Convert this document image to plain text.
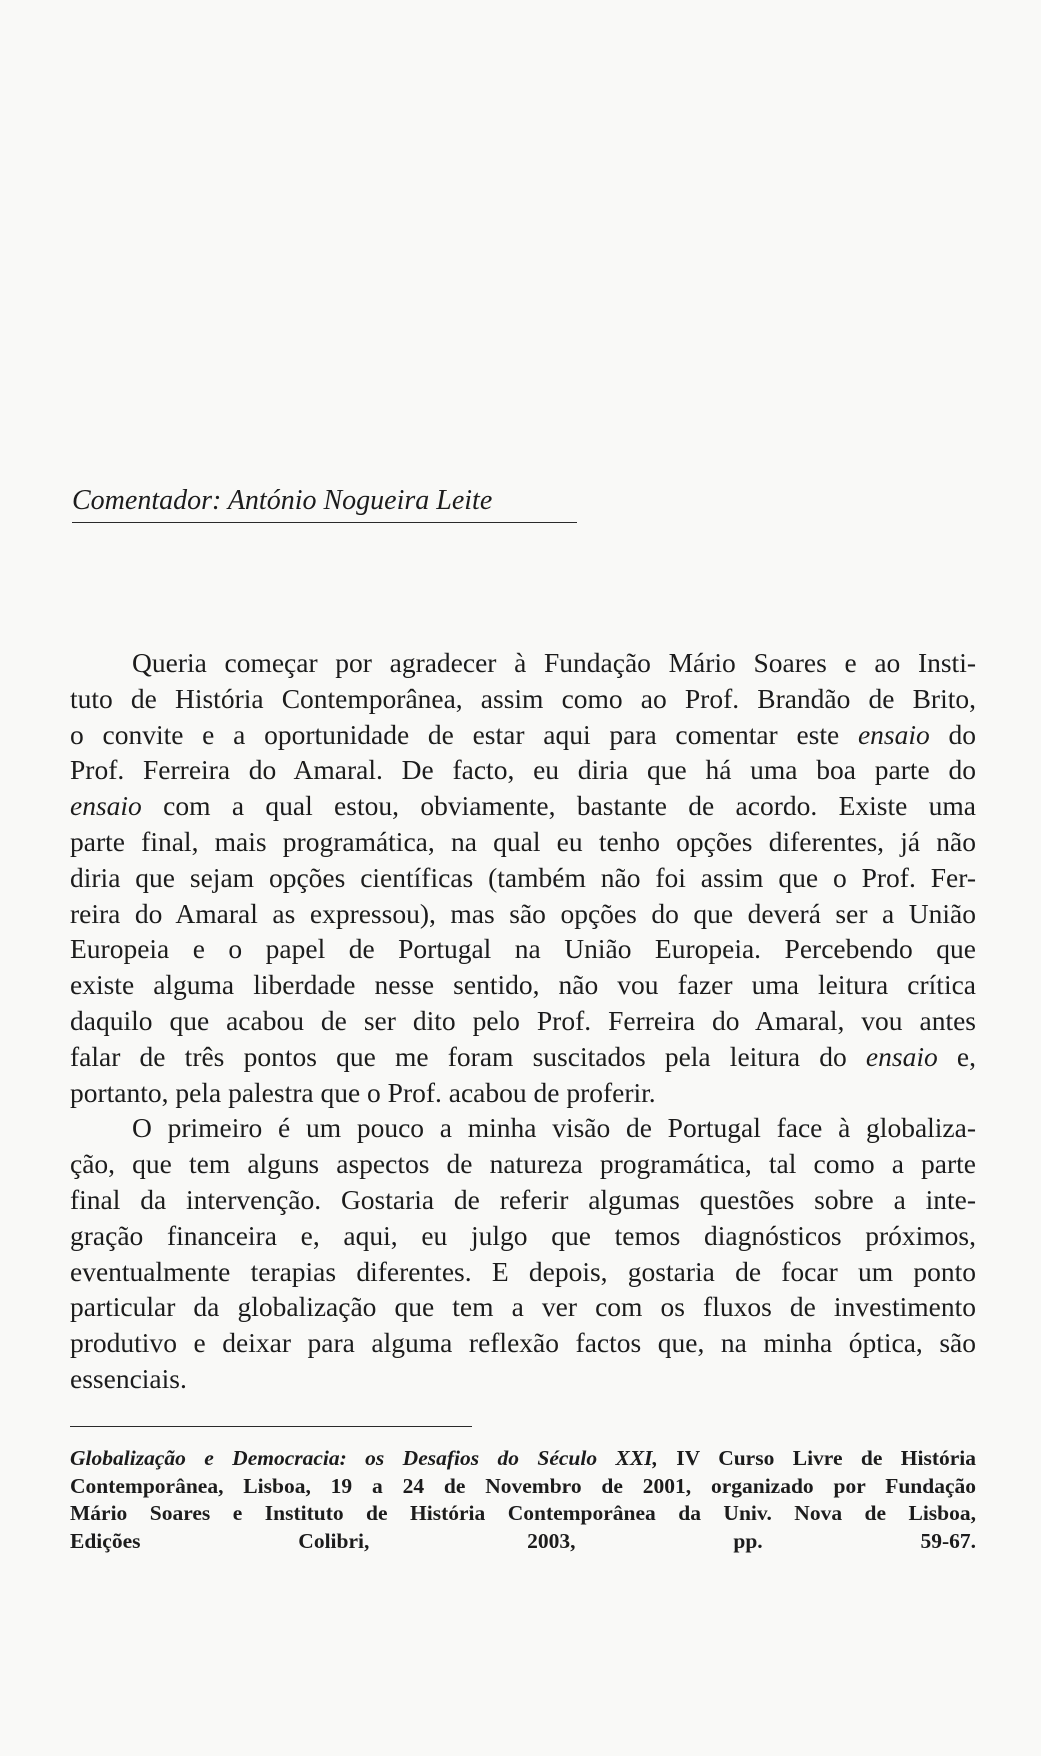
Comentador: António Nogueira Leite
Queria começar por agradecer à Fundação Mário Soares e ao Insti-
tuto de História Contemporânea, assim como ao Prof. Brandão de Brito,
o convite e a oportunidade de estar aqui para comentar este ensaio do
Prof. Ferreira do Amaral. De facto, eu diria que há uma boa parte do
ensaio com a qual estou, obviamente, bastante de acordo. Existe uma
parte final, mais programática, na qual eu tenho opções diferentes, já não
diria que sejam opções científicas (também não foi assim que o Prof. Fer-
reira do Amaral as expressou), mas são opções do que deverá ser a União
Europeia e o papel de Portugal na União Europeia. Percebendo que
existe alguma liberdade nesse sentido, não vou fazer uma leitura crítica
daquilo que acabou de ser dito pelo Prof. Ferreira do Amaral, vou antes
falar de três pontos que me foram suscitados pela leitura do ensaio e,
portanto, pela palestra que o Prof. acabou de proferir.
O primeiro é um pouco a minha visão de Portugal face à globaliza-
ção, que tem alguns aspectos de natureza programática, tal como a parte
final da intervenção. Gostaria de referir algumas questões sobre a inte-
gração financeira e, aqui, eu julgo que temos diagnósticos próximos,
eventualmente terapias diferentes. E depois, gostaria de focar um ponto
particular da globalização que tem a ver com os fluxos de investimento
produtivo e deixar para alguma reflexão factos que, na minha óptica, são
essenciais.
Globalização e Democracia: os Desafios do Século XXI, IV Curso Livre de História
Contemporânea, Lisboa, 19 a 24 de Novembro de 2001, organizado por Fundação
Mário Soares e Instituto de História Contemporânea da Univ. Nova de Lisboa,
Edições Colibri, 2003, pp. 59-67.
